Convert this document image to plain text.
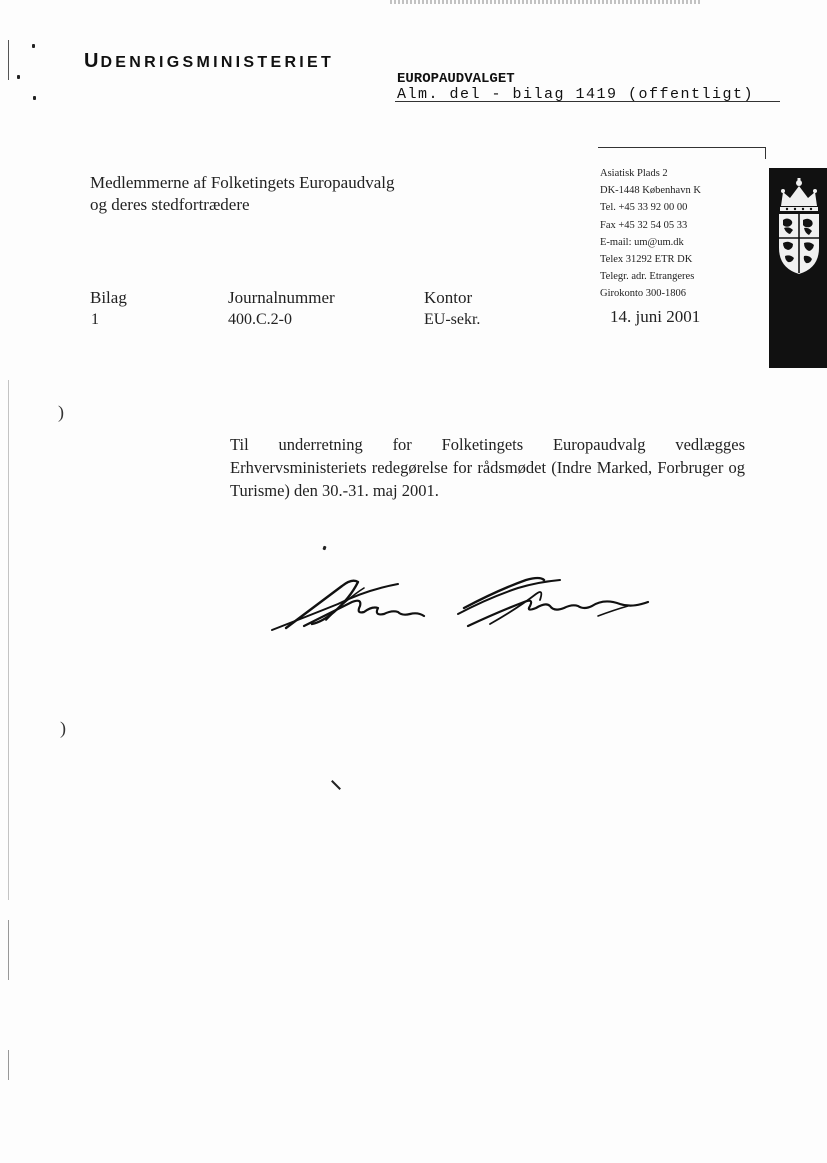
)
)
UDENRIGSMINISTERIET
EUROPAUDVALGET
Alm. del - bilag 1419 (offentligt)
Medlemmerne af Folketingets Europaudvalg
og deres stedfortrædere
Asiatisk Plads 2
DK-1448 København K
Tel. +45 33 92 00 00
Fax +45 32 54 05 33
E-mail: um@um.dk
Telex 31292 ETR DK
Telegr. adr. Etrangeres
Girokonto 300-1806
Bilag
1
Journalnummer
400.C.2-0
Kontor
EU-sekr.	14. juni 2001
Til underretning for Folketingets Europaudvalg vedlægges Erhvervsministeriets redegørelse for rådsmødet (Indre Marked, Forbruger og Turisme) den 30.-31. maj 2001.
